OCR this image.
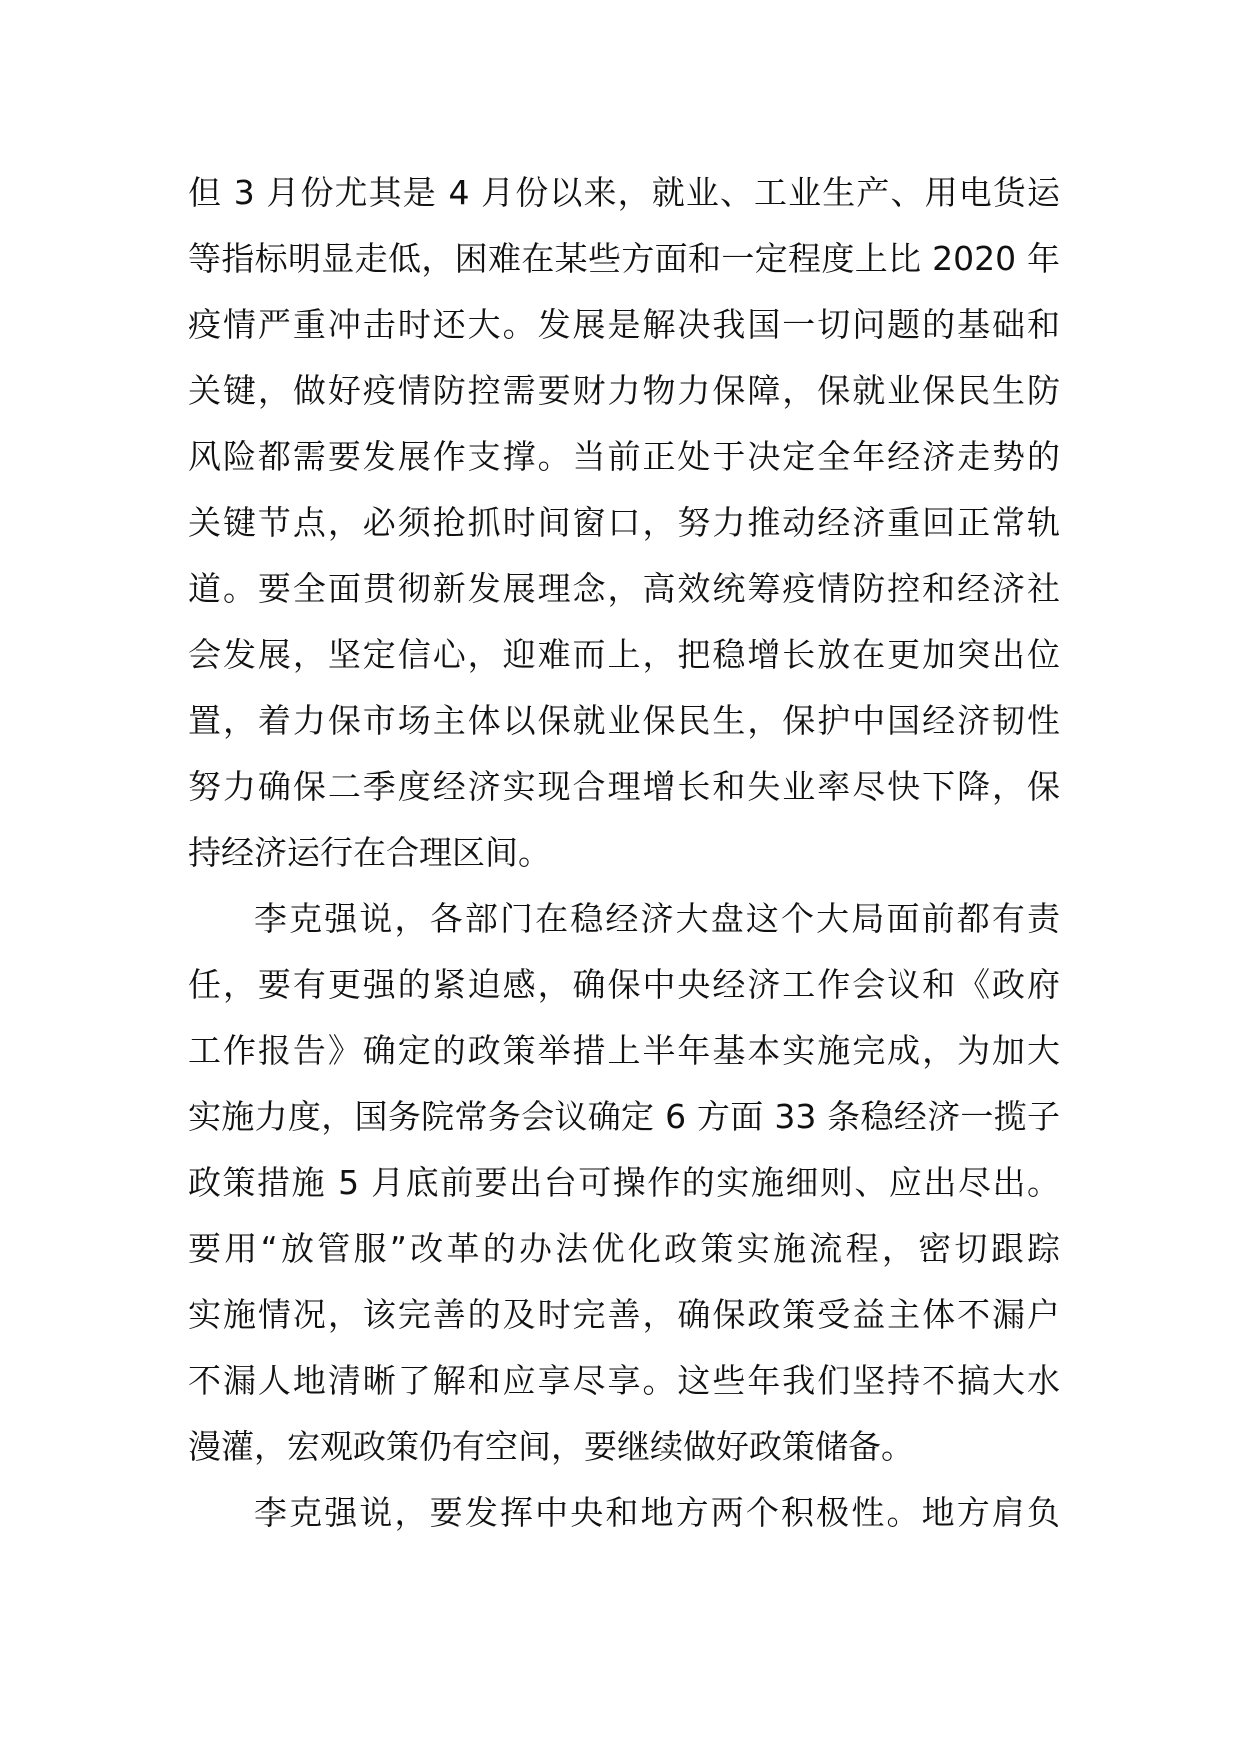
但 3 月份尤其是 4 月份以来，就业、工业生产、用电货运
等指标明显走低，困难在某些方面和一定程度上比 2020 年
疫情严重冲击时还大。发展是解决我国一切问题的基础和
关键，做好疫情防控需要财力物力保障，保就业保民生防
风险都需要发展作支撑。当前正处于决定全年经济走势的
关键节点，必须抢抓时间窗口，努力推动经济重回正常轨
道。要全面贯彻新发展理念，高效统筹疫情防控和经济社
会发展，坚定信心，迎难而上，把稳增长放在更加突出位
置，着力保市场主体以保就业保民生，保护中国经济韧性
努力确保二季度经济实现合理增长和失业率尽快下降，保
持经济运行在合理区间。
李克强说，各部门在稳经济大盘这个大局面前都有责
任，要有更强的紧迫感，确保中央经济工作会议和《政府
工作报告》确定的政策举措上半年基本实施完成，为加大
实施力度，国务院常务会议确定 6 方面 33 条稳经济一揽子
政策措施 5 月底前要出台可操作的实施细则、应出尽出。
要用“放管服”改革的办法优化政策实施流程，密切跟踪
实施情况，该完善的及时完善，确保政策受益主体不漏户
不漏人地清晰了解和应享尽享。这些年我们坚持不搞大水
漫灌，宏观政策仍有空间，要继续做好政策储备。
李克强说，要发挥中央和地方两个积极性。地方肩负
